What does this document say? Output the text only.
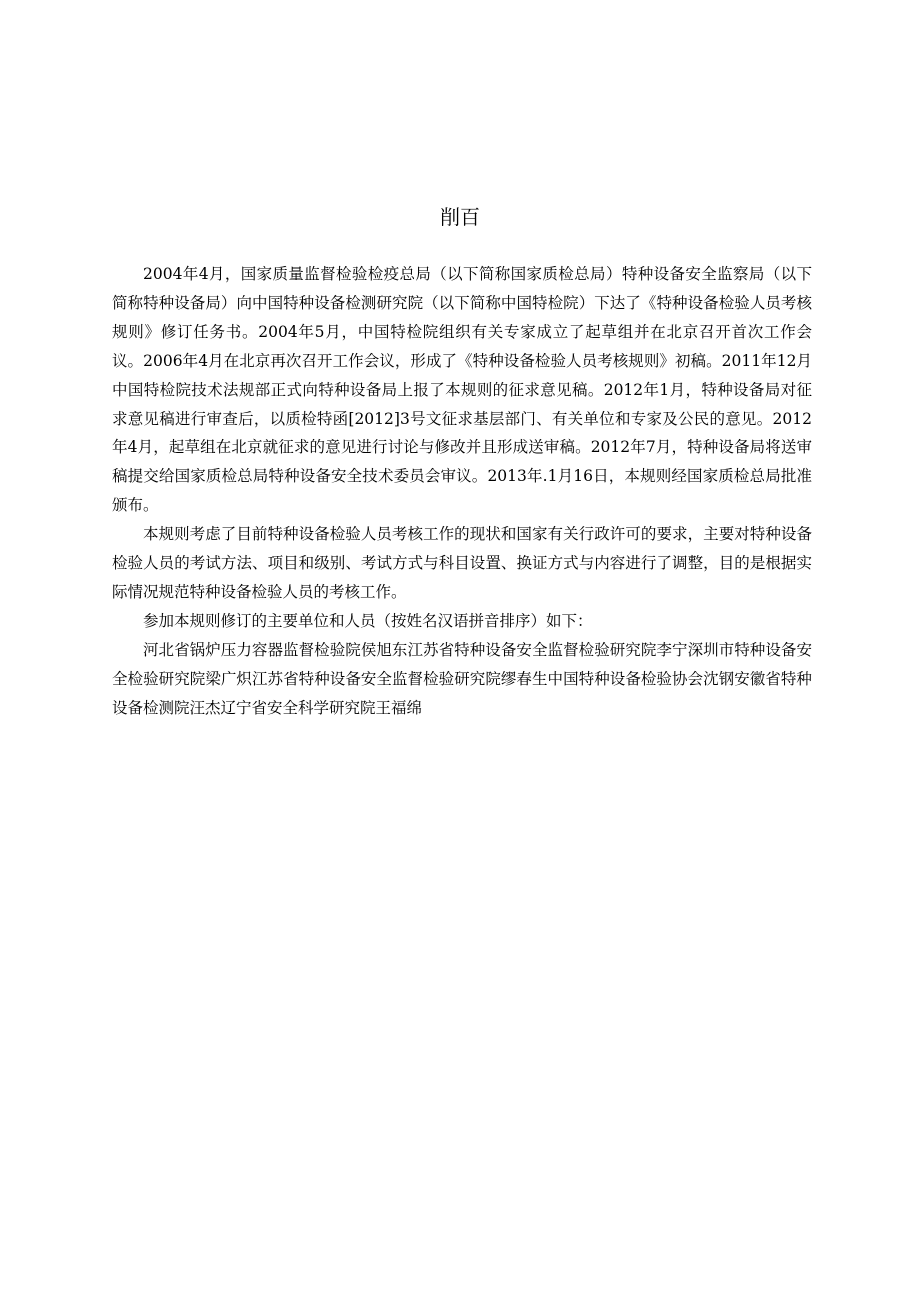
削百

2004年4月，国家质量监督检验检疫总局（以下简称国家质检总局）特种设备安全监察局（以下简称特种设备局）向中国特种设备检测研究院（以下简称中国特检院）下达了《特种设备检验人员考核规则》修订任务书。2004年5月，中国特检院组织有关专家成立了起草组并在北京召开首次工作会议。2006年4月在北京再次召开工作会议，形成了《特种设备检验人员考核规则》初稿。2011年12月中国特检院技术法规部正式向特种设备局上报了本规则的征求意见稿。2012年1月，特种设备局对征求意见稿进行审查后，以质检特函[2012]3号文征求基层部门、有关单位和专家及公民的意见。2012年4月，起草组在北京就征求的意见进行讨论与修改并且形成送审稿。2012年7月，特种设备局将送审稿提交给国家质检总局特种设备安全技术委员会审议。2013年.1月16日，本规则经国家质检总局批准颁布。

本规则考虑了目前特种设备检验人员考核工作的现状和国家有关行政许可的要求，主要对特种设备检验人员的考试方法、项目和级别、考试方式与科目设置、换证方式与内容进行了调整，目的是根据实际情况规范特种设备检验人员的考核工作。

参加本规则修订的主要单位和人员（按姓名汉语拼音排序）如下：

河北省锅炉压力容器监督检验院侯旭东江苏省特种设备安全监督检验研究院李宁深圳市特种设备安全检验研究院梁广炽江苏省特种设备安全监督检验研究院缪春生中国特种设备检验协会沈钢安徽省特种设备检测院汪杰辽宁省安全科学研究院王福绵
